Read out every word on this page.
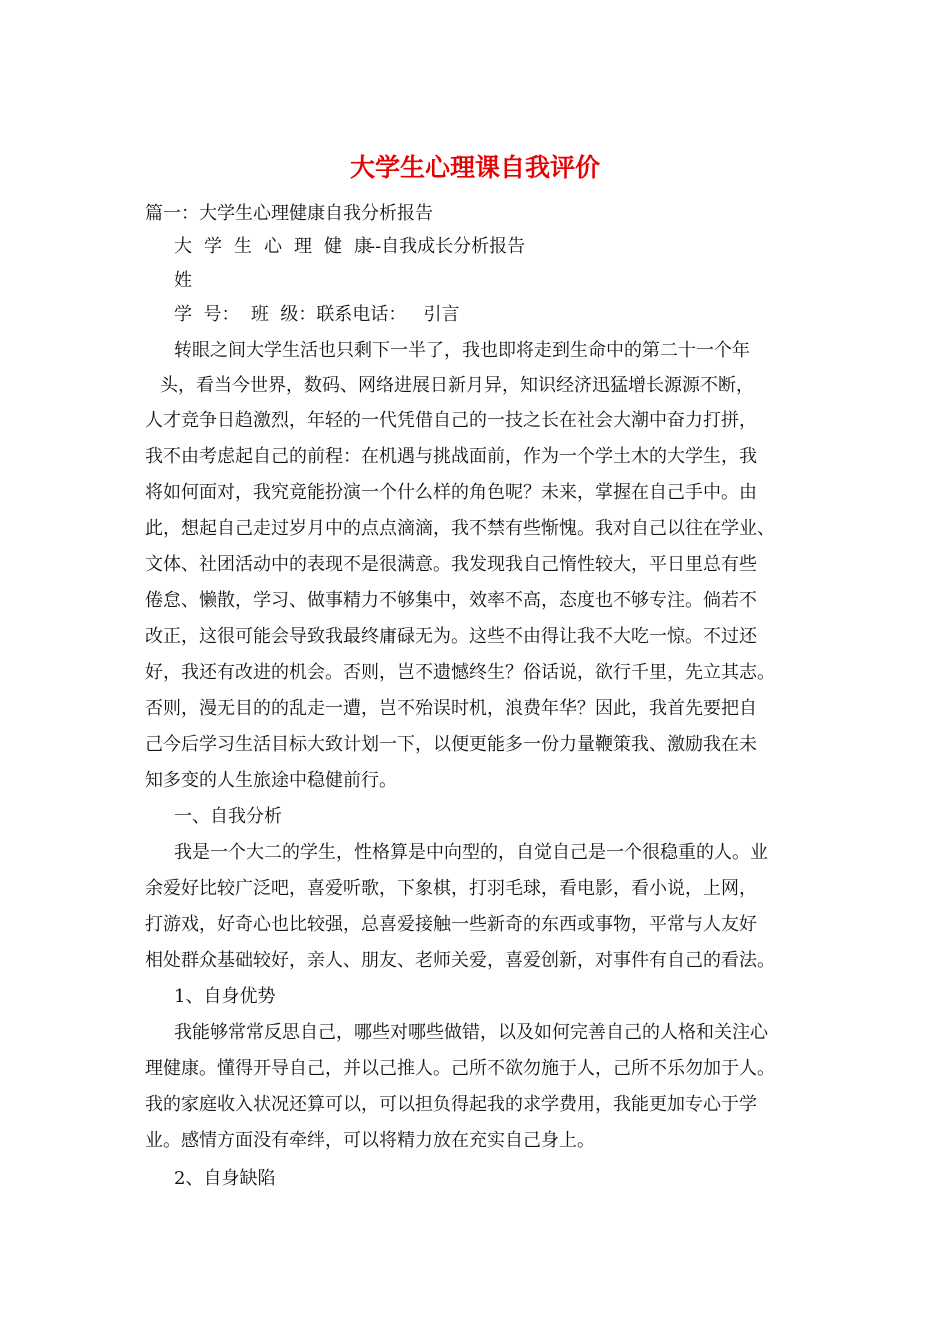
大学生心理课自我评价

篇一：大学生心理健康自我分析报告

大学生心理健康

--自我成长分析报告

姓

学  号：  班  级：联系电话：   引言

转眼之间大学生活也只剩下一半了，我也即将走到生命中的第二十一个年

头，看当今世界，数码、网络进展日新月异，知识经济迅猛增长源源不断，

人才竞争日趋激烈，年轻的一代凭借自己的一技之长在社会大潮中奋力打拼，

我不由考虑起自己的前程：在机遇与挑战面前，作为一个学土木的大学生，我

将如何面对，我究竟能扮演一个什么样的角色呢？未来，掌握在自己手中。由

此，想起自己走过岁月中的点点滴滴，我不禁有些惭愧。我对自己以往在学业、

文体、社团活动中的表现不是很满意。我发现我自己惰性较大，平日里总有些

倦怠、懒散，学习、做事精力不够集中，效率不高，态度也不够专注。倘若不

改正，这很可能会导致我最终庸碌无为。这些不由得让我不大吃一惊。不过还

好，我还有改进的机会。否则，岂不遗憾终生？俗话说，欲行千里，先立其志。

否则，漫无目的的乱走一遭，岂不殆误时机，浪费年华？因此，我首先要把自

己今后学习生活目标大致计划一下，以便更能多一份力量鞭策我、激励我在未

知多变的人生旅途中稳健前行。

一、自我分析

我是一个大二的学生，性格算是中向型的，自觉自己是一个很稳重的人。业

余爱好比较广泛吧，喜爱听歌，下象棋，打羽毛球，看电影，看小说，上网，

打游戏，好奇心也比较强，总喜爱接触一些新奇的东西或事物，平常与人友好

相处群众基础较好，亲人、朋友、老师关爱，喜爱创新，对事件有自己的看法。

1、自身优势

我能够常常反思自己，哪些对哪些做错，以及如何完善自己的人格和关注心

理健康。懂得开导自己，并以己推人。己所不欲勿施于人，己所不乐勿加于人。

我的家庭收入状况还算可以，可以担负得起我的求学费用，我能更加专心于学

业。感情方面没有牵绊，可以将精力放在充实自己身上。

2、自身缺陷
